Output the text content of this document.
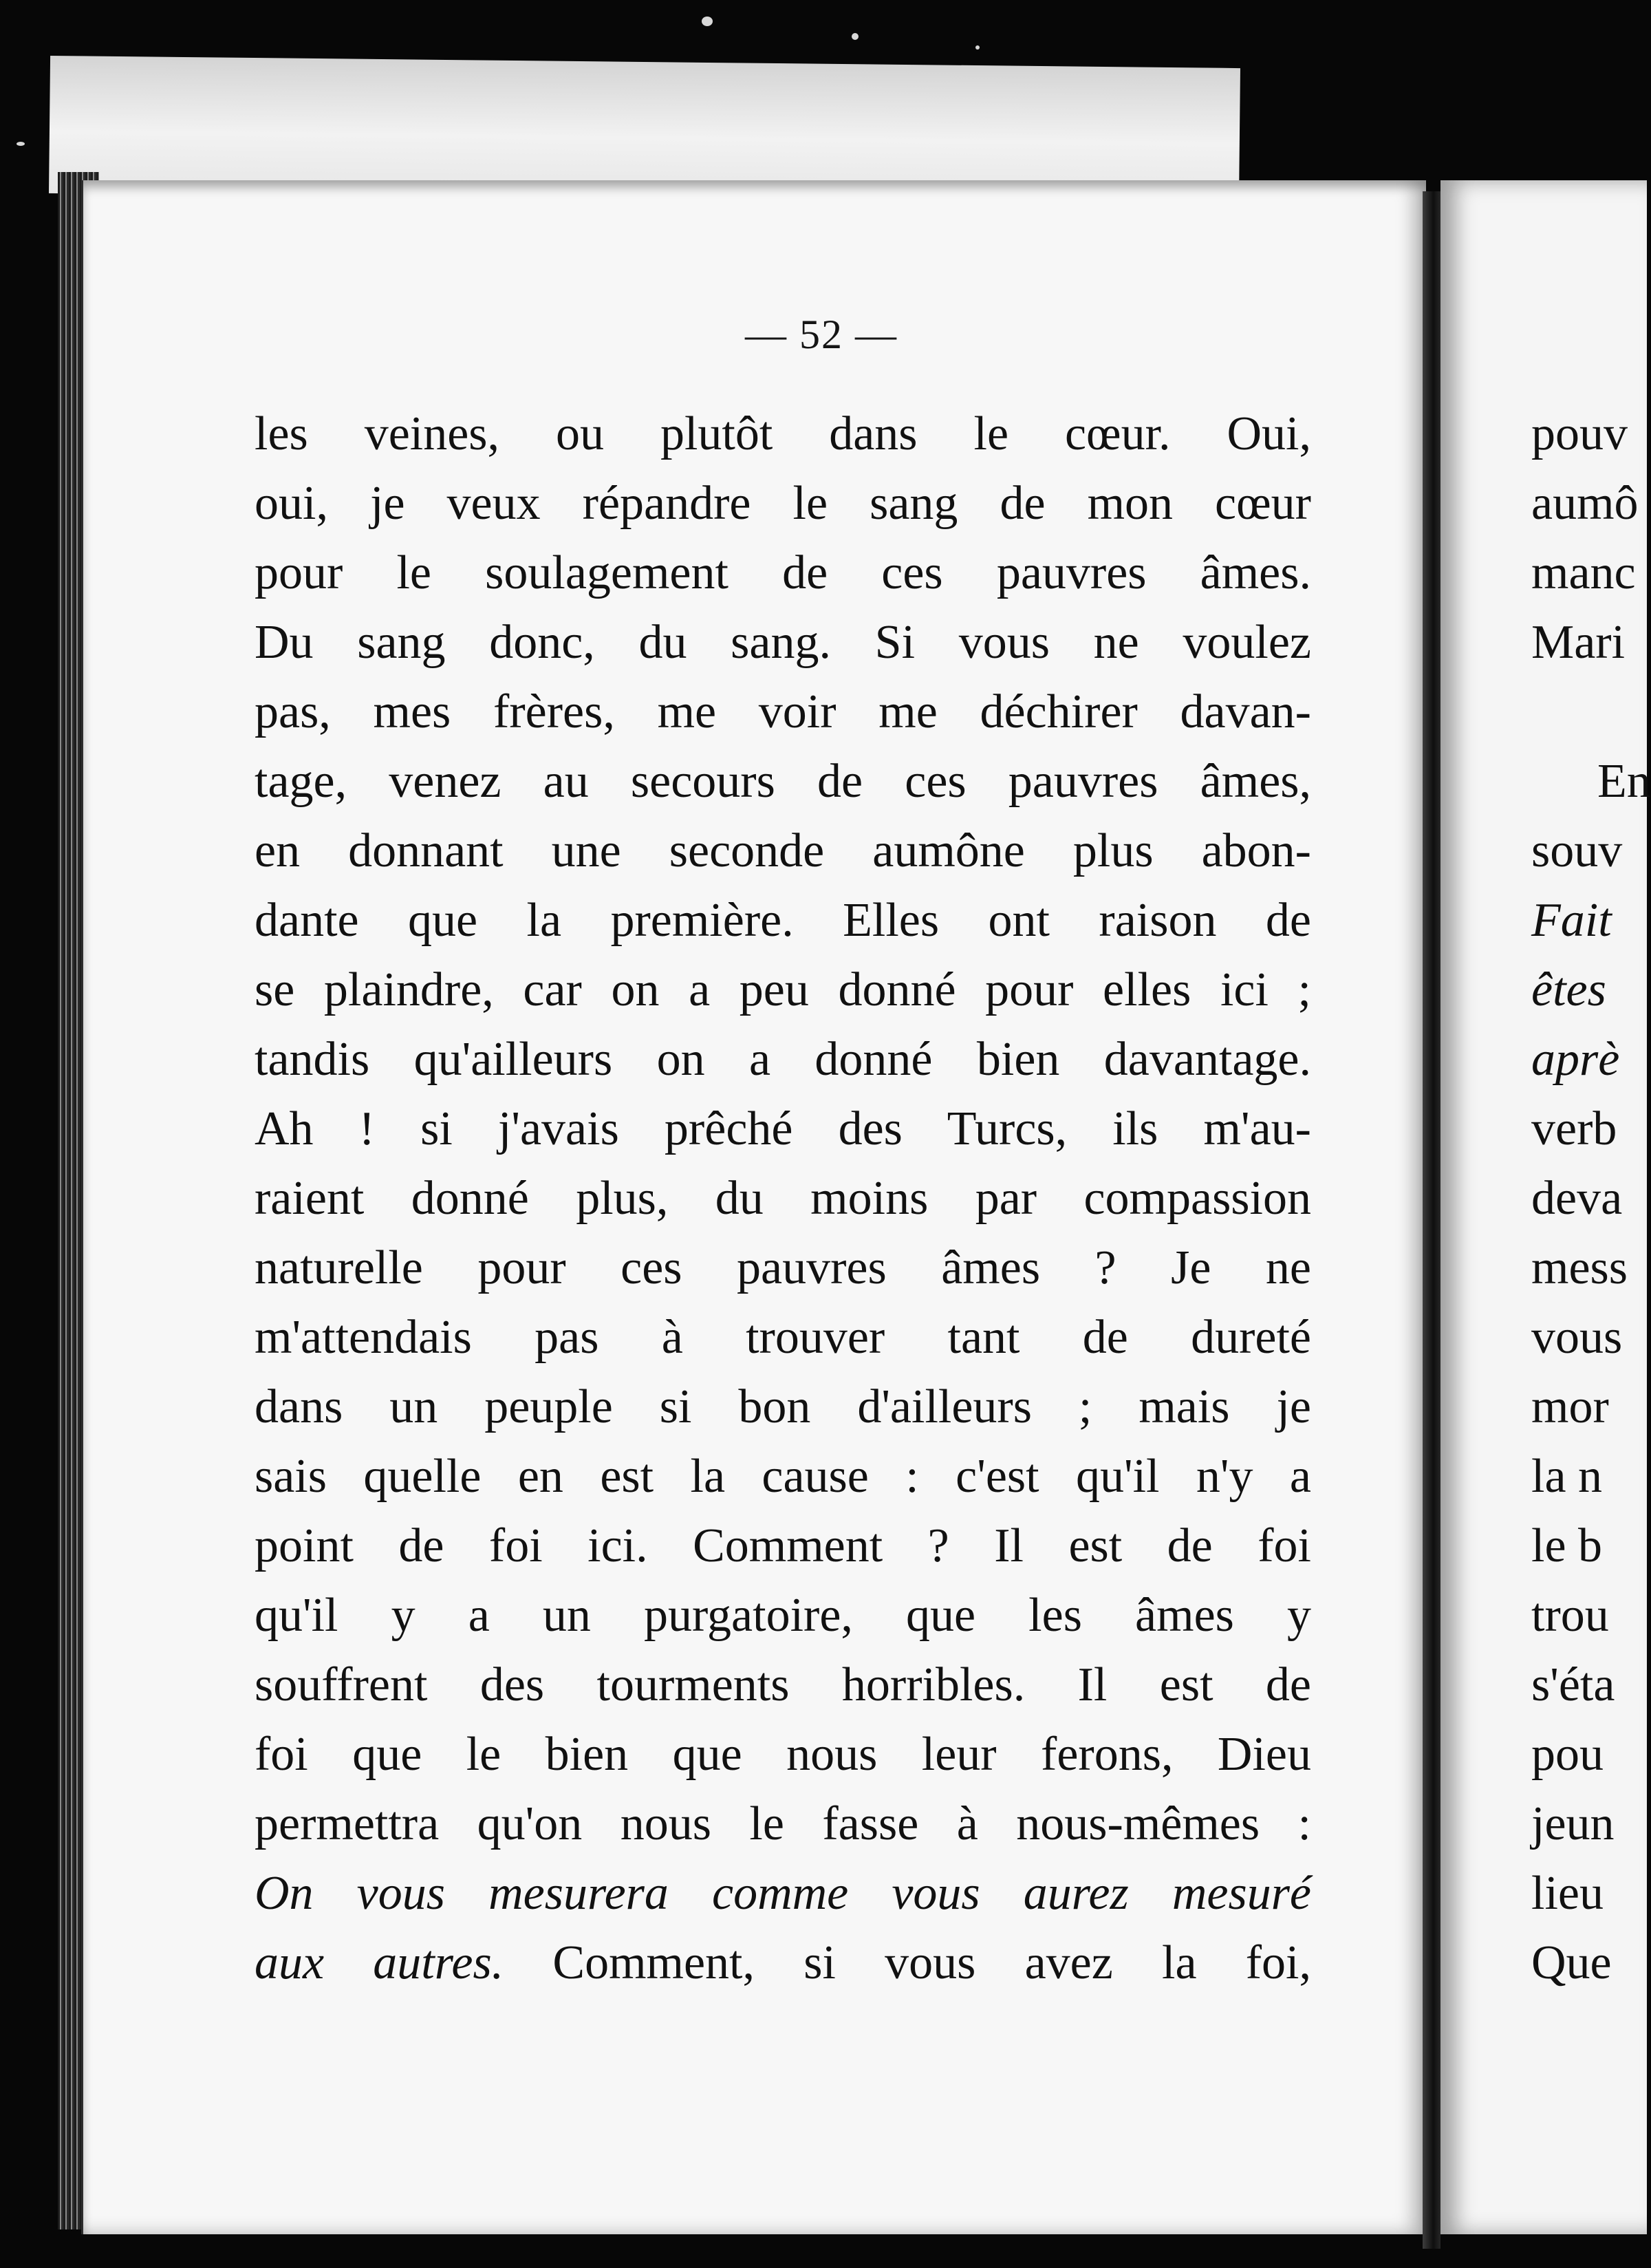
— 52 —
les veines, ou plutôt dans le cœur. Oui,
oui, je veux répandre le sang de mon cœur
pour le soulagement de ces pauvres âmes.
Du sang donc, du sang. Si vous ne voulez
pas, mes frères, me voir me déchirer davan-
tage, venez au secours de ces pauvres âmes,
en donnant une seconde aumône plus abon-
dante que la première. Elles ont raison de
se plaindre, car on a peu donné pour elles ici ;
tandis qu'ailleurs on a donné bien davantage.
Ah ! si j'avais prêché des Turcs, ils m'au-
raient donné plus, du moins par compassion
naturelle pour ces pauvres âmes ? Je ne
m'attendais pas à trouver tant de dureté
dans un peuple si bon d'ailleurs ; mais je
sais quelle en est la cause : c'est qu'il n'y a
point de foi ici. Comment ? Il est de foi
qu'il y a un purgatoire, que les âmes y
souffrent des tourments horribles. Il est de
foi que le bien que nous leur ferons, Dieu
permettra qu'on nous le fasse à nous-mêmes :
On vous mesurera comme vous aurez mesuré
aux autres. Comment, si vous avez la foi,
pouv
aumô
manc
Mari
En
souv
Fait
êtes
aprè
verb
deva
mess
vous
mor
la n
le b
trou
s'éta
pou
jeun
lieu
Que
